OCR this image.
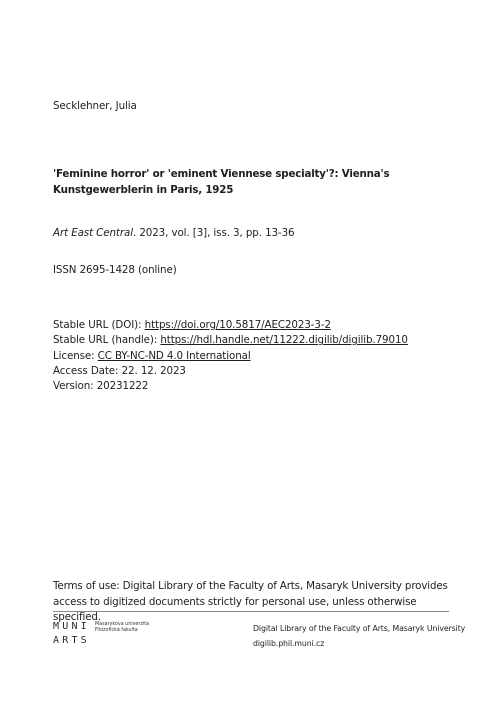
Secklehner, Julia
'Feminine horror' or 'eminent Viennese specialty'?: Vienna's Kunstgewerblerin in Paris, 1925
Art East Central. 2023, vol. [3], iss. 3, pp. 13-36
ISSN 2695-1428 (online)
Stable URL (DOI): https://doi.org/10.5817/AEC2023-3-2
Stable URL (handle): https://hdl.handle.net/11222.digilib/digilib.79010
License: CC BY-NC-ND 4.0 International
Access Date: 22. 12. 2023
Version: 20231222
Terms of use: Digital Library of the Faculty of Arts, Masaryk University provides access to digitized documents strictly for personal use, unless otherwise specified.
MUNI
ARTS
Masarykova univerzita
Filozofická fakulta	Digital Library of the Faculty of Arts, Masaryk University
digilib.phil.muni.cz
